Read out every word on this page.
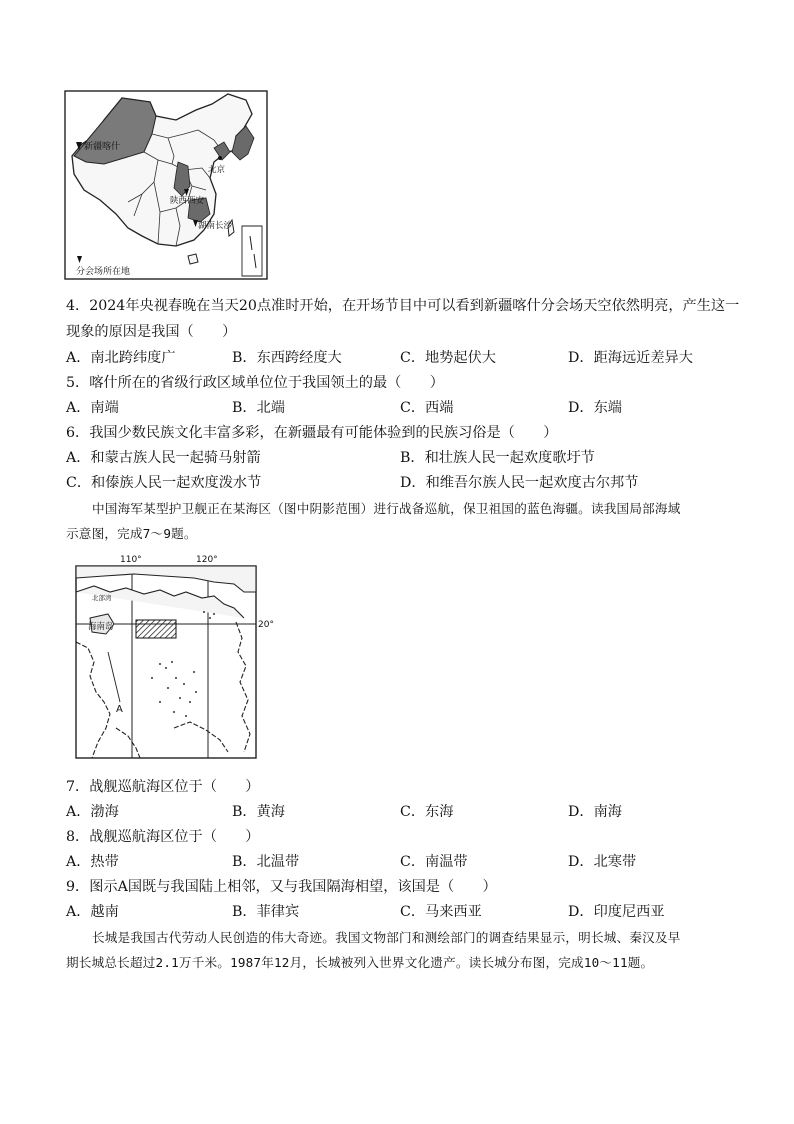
新疆喀什
北京
陕西西安
湖南长沙
分会场所在地
4．2024年央视春晚在当天20点准时开始，在开场节目中可以看到新疆喀什分会场天空依然明亮，产生这一
现象的原因是我国（　　）
A．南北跨纬度广	B．东西跨经度大	C．地势起伏大	D．距海远近差异大
5．喀什所在的省级行政区域单位位于我国领土的最（　　）
A．南端	B．北端	C．西端	D．东端
6．我国少数民族文化丰富多彩，在新疆最有可能体验到的民族习俗是（　　）
A．和蒙古族人民一起骑马射箭	B．和壮族人民一起欢度歌圩节
C．和傣族人民一起欢度泼水节	D．和维吾尔族人民一起欢度古尔邦节
中国海军某型护卫舰正在某海区（图中阴影范围）进行战备巡航，保卫祖国的蓝色海疆。读我国局部海域
示意图，完成7～9题。
110°	120°
20°
海南岛
北部湾
A
7．战舰巡航海区位于（　　）
A．渤海	B．黄海	C．东海	D．南海
8．战舰巡航海区位于（　　）
A．热带	B．北温带	C．南温带	D．北寒带
9．图示A国既与我国陆上相邻，又与我国隔海相望，该国是（　　）
A．越南	B．菲律宾	C．马来西亚	D．印度尼西亚
长城是我国古代劳动人民创造的伟大奇迹。我国文物部门和测绘部门的调查结果显示，明长城、秦汉及早
期长城总长超过2.1万千米。1987年12月，长城被列入世界文化遗产。读长城分布图，完成10～11题。
